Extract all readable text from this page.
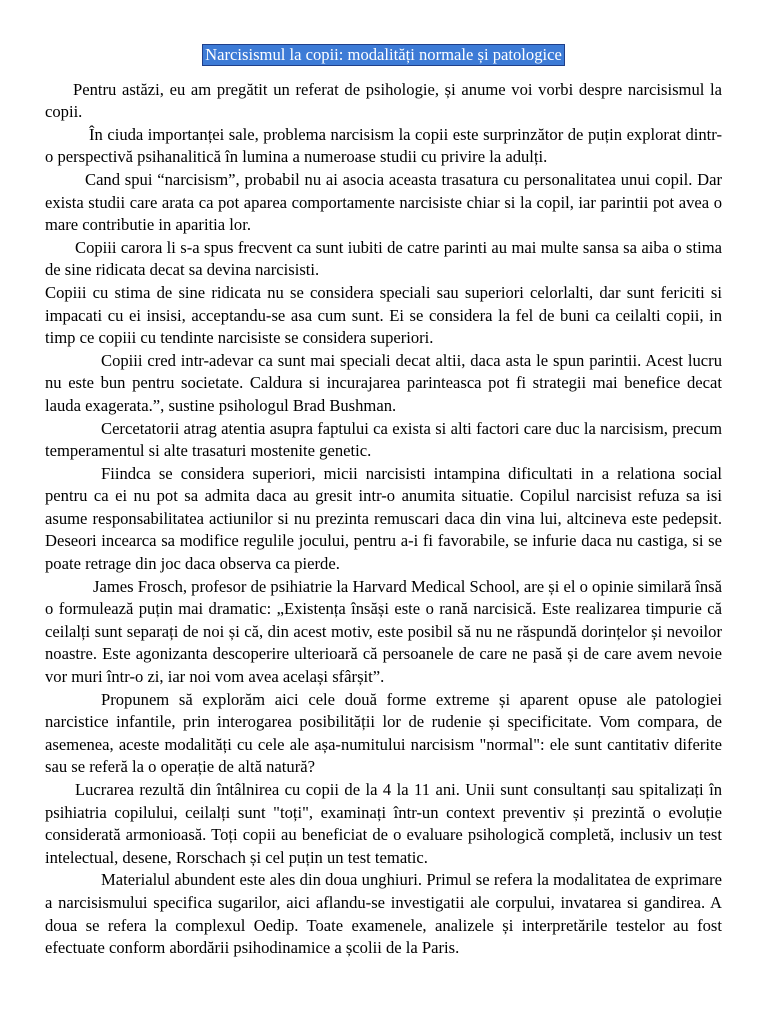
Narcisismul la copii: modalități normale și patologice

Pentru astăzi, eu am pregătit un referat de psihologie, și anume voi vorbi despre narcisismul la copii.

În ciuda importanței sale, problema narcisism la copii este surprinzător de puțin explorat dintr-o perspectivă psihanalitică în lumina a numeroase studii cu privire la adulți.

Cand spui “narcisism”, probabil nu ai asocia aceasta trasatura cu personalitatea unui copil. Dar exista studii care arata ca pot aparea comportamente narcisiste chiar si la copil, iar parintii pot avea o mare contributie in aparitia lor.

Copiii carora li s-a spus frecvent ca sunt iubiti de catre parinti au mai multe sansa sa aiba o stima de sine ridicata decat sa devina narcisisti.

Copiii cu stima de sine ridicata nu se considera speciali sau superiori celorlalti, dar sunt fericiti si impacati cu ei insisi, acceptandu-se asa cum sunt. Ei se considera la fel de buni ca ceilalti copii, in timp ce copiii cu tendinte narcisiste se considera superiori.

Copiii cred intr-adevar ca sunt mai speciali decat altii, daca asta le spun parintii. Acest lucru nu este bun pentru societate. Caldura si incurajarea parinteasca pot fi strategii mai benefice decat lauda exagerata.”, sustine psihologul Brad Bushman.

Cercetatorii atrag atentia asupra faptului ca exista si alti factori care duc la narcisism, precum temperamentul si alte trasaturi mostenite genetic.

Fiindca se considera superiori, micii narcisisti intampina dificultati in a relationa social pentru ca ei nu pot sa admita daca au gresit intr-o anumita situatie. Copilul narcisist refuza sa isi asume responsabilitatea actiunilor si nu prezinta remuscari daca din vina lui, altcineva este pedepsit. Deseori incearca sa modifice regulile jocului, pentru a-i fi favorabile, se infurie daca nu castiga, si se poate retrage din joc daca observa ca pierde.

James Frosch, profesor de psihiatrie la Harvard Medical School, are și el o opinie similară însă o formulează puțin mai dramatic: „Existența însăși este o rană narcisică. Este realizarea timpurie că ceilalți sunt separați de noi și că, din acest motiv, este posibil să nu ne răspundă dorințelor și nevoilor noastre. Este agonizanta descoperire ulterioară că persoanele de care ne pasă și de care avem nevoie vor muri într-o zi, iar noi vom avea același sfârșit”.

Propunem să explorăm aici cele două forme extreme și aparent opuse ale patologiei narcistice infantile, prin interogarea posibilității lor de rudenie și specificitate. Vom compara, de asemenea, aceste modalități cu cele ale așa-numitului narcisism "normal": ele sunt cantitativ diferite sau se referă la o operație de altă natură?

Lucrarea rezultă din întâlnirea cu copii de la 4 la 11 ani. Unii sunt consultanți sau spitalizați în psihiatria copilului, ceilalți sunt "toți", examinați într-un context preventiv și prezintă o evoluție considerată armonioasă. Toți copii au beneficiat de o evaluare psihologică completă, inclusiv un test intelectual, desene, Rorschach și cel puțin un test tematic.

Materialul abundent este ales din doua unghiuri. Primul se refera la modalitatea de exprimare a narcisismului specifica sugarilor, aici aflandu-se investigatii ale corpului, invatarea si gandirea. A doua se refera la complexul Oedip. Toate examenele, analizele și interpretările testelor au fost efectuate conform abordării psihodinamice a școlii de la Paris.
